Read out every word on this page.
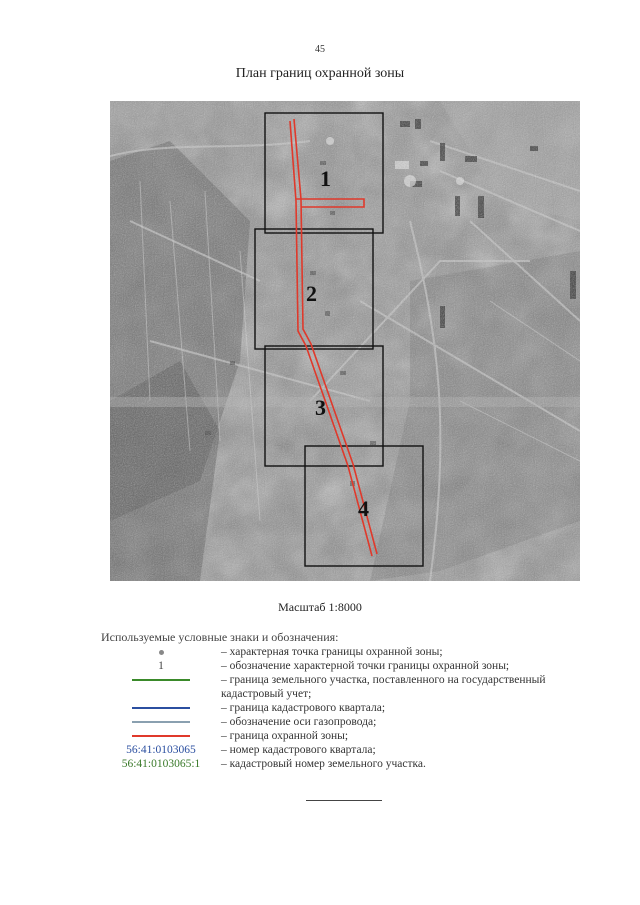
45
План границ охранной зоны
1
2
3
4
Масштаб 1:8000
Используемые условные знаки и обозначения:
– характерная точка границы охранной зоны;
1	– обозначение характерной точки границы охранной зоны;
– граница земельного участка, поставленного на государственный
кадастровый учет;
– граница кадастрового квартала;
– обозначение оси газопровода;
– граница охранной зоны;
56:41:0103065 – номер кадастрового квартала;
56:41:0103065:1 – кадастровый номер земельного участка.
